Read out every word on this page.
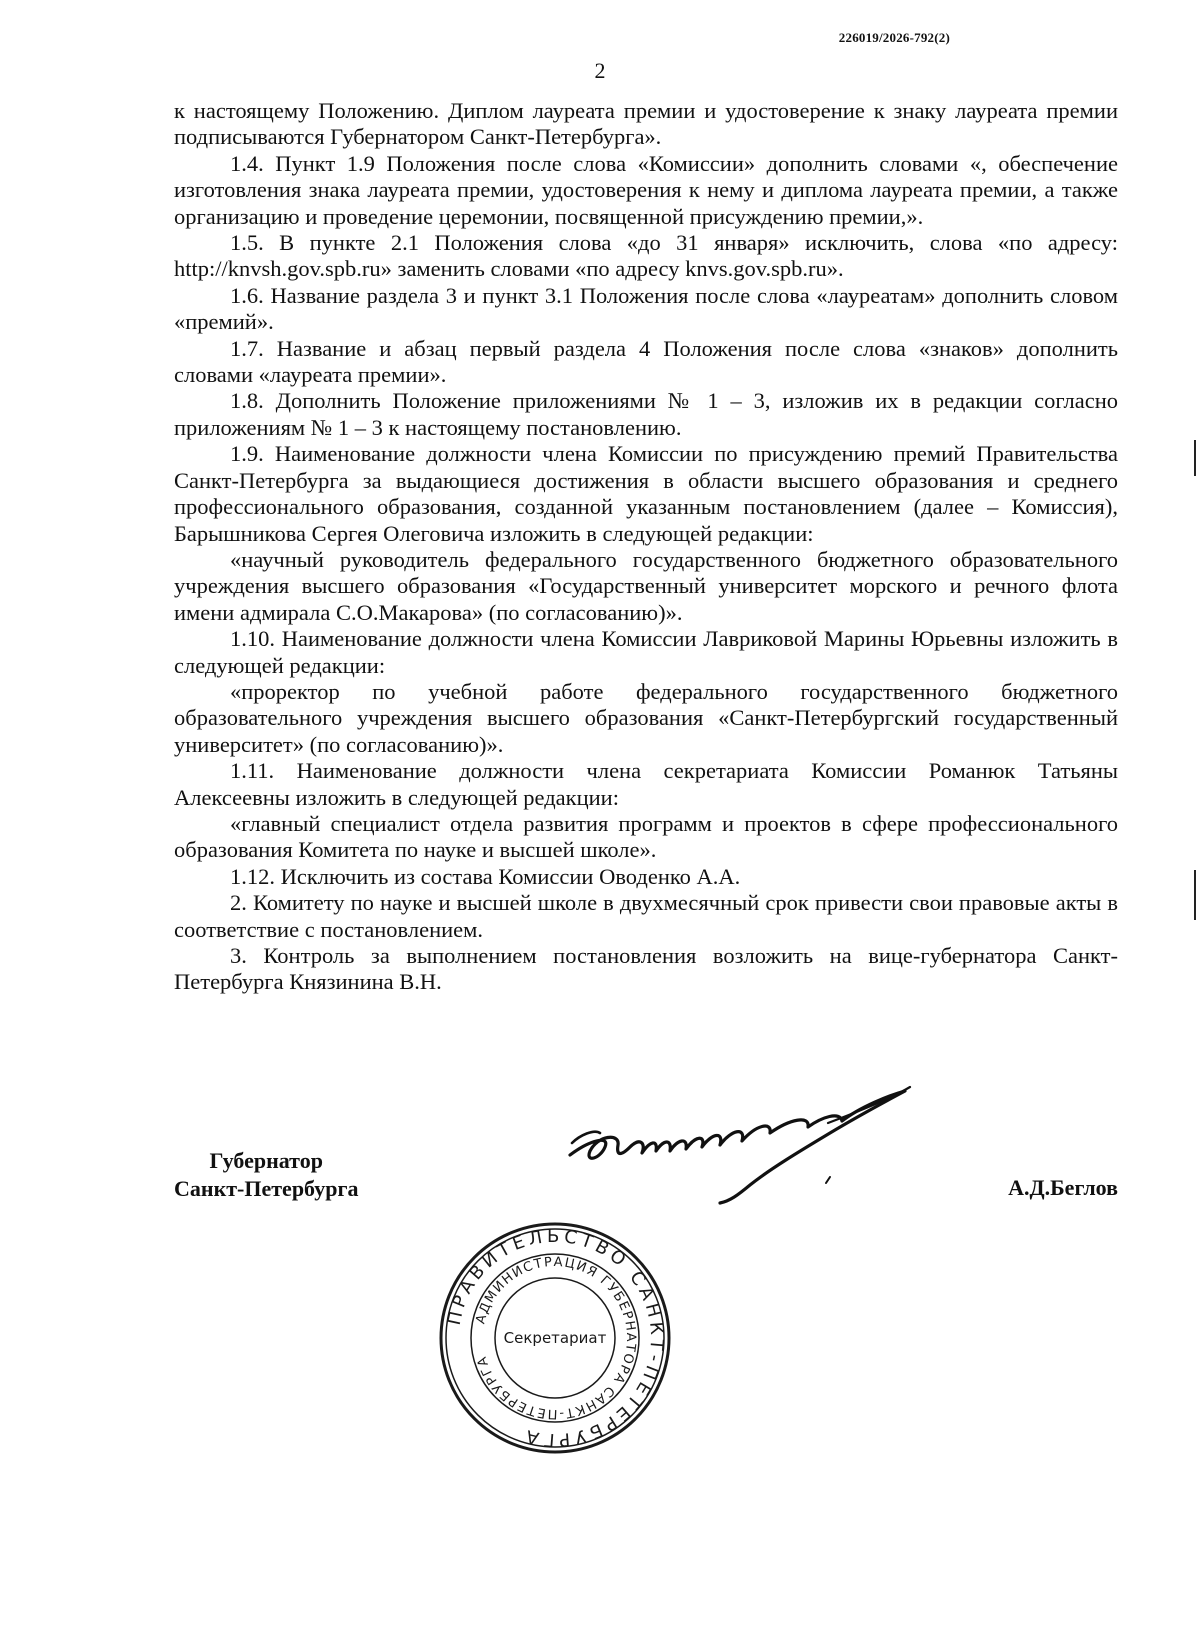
226019/2026-792(2)
2

к настоящему Положению. Диплом лауреата премии и удостоверение к знаку лауреата премии подписываются Губернатором Санкт-Петербурга».

1.4. Пункт 1.9 Положения после слова «Комиссии» дополнить словами «, обеспечение изготовления знака лауреата премии, удостоверения к нему и диплома лауреата премии, а также организацию и проведение церемонии, посвященной присуждению премии,».

1.5. В пункте 2.1 Положения слова «до 31 января» исключить, слова «по адресу: http://knvsh.gov.spb.ru» заменить словами «по адресу knvs.gov.spb.ru».

1.6. Название раздела 3 и пункт 3.1 Положения после слова «лауреатам» дополнить словом «премий».

1.7. Название и абзац первый раздела 4 Положения после слова «знаков» дополнить словами «лауреата премии».

1.8. Дополнить Положение приложениями № 1 – 3, изложив их в редакции согласно приложениям № 1 – 3 к настоящему постановлению.

1.9. Наименование должности члена Комиссии по присуждению премий Правительства Санкт-Петербурга за выдающиеся достижения в области высшего образования и среднего профессионального образования, созданной указанным постановлением (далее – Комиссия), Барышникова Сергея Олеговича изложить в следующей редакции:

«научный руководитель федерального государственного бюджетного образовательного учреждения высшего образования «Государственный университет морского и речного флота имени адмирала С.О.Макарова» (по согласованию)».

1.10. Наименование должности члена Комиссии Лавриковой Марины Юрьевны изложить в следующей редакции:

«проректор по учебной работе федерального государственного бюджетного образовательного учреждения высшего образования «Санкт-Петербургский государственный университет» (по согласованию)».

1.11. Наименование должности члена секретариата Комиссии Романюк Татьяны Алексеевны изложить в следующей редакции:

«главный специалист отдела развития программ и проектов в сфере профессионального образования Комитета по науке и высшей школе».

1.12. Исключить из состава Комиссии Оводенко А.А.

2. Комитету по науке и высшей школе в двухмесячный срок привести свои правовые акты в соответствие с постановлением.

3. Контроль за выполнением постановления возложить на вице-губернатора Санкт-Петербурга Князинина В.Н.

Губернатор
Санкт-Петербурга	А.Д.Беглов
ПРАВИТЕЛЬСТВО САНКТ-ПЕТЕРБУРГА
АДМИНИСТРАЦИЯ ГУБЕРНАТОРА САНКТ-ПЕТЕРБУРГА
Секретариат
